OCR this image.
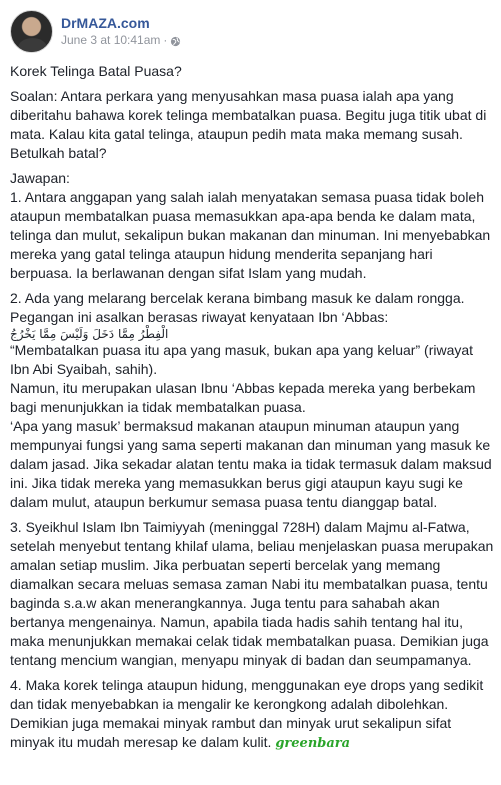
DrMAZA.com
June 3 at 10:41am ·

Korek Telinga Batal Puasa?

Soalan: Antara perkara yang menyusahkan masa puasa ialah apa yang diberitahu bahawa korek telinga membatalkan puasa. Begitu juga titik ubat di mata. Kalau kita gatal telinga, ataupun pedih mata maka memang susah. Betulkah batal?

Jawapan:

1. Antara anggapan yang salah ialah menyatakan semasa puasa tidak boleh ataupun membatalkan puasa memasukkan apa-apa benda ke dalam mata, telinga dan mulut, sekalipun bukan makanan dan minuman. Ini menyebabkan mereka yang gatal telinga ataupun hidung menderita sepanjang hari berpuasa. Ia berlawanan dengan sifat Islam yang mudah.

2. Ada yang melarang bercelak kerana bimbang masuk ke dalam rongga. Pegangan ini asalkan berasas riwayat kenyataan Ibn ‘Abbas:

الْفِطْرُ مِمَّا دَخَلَ وَلَيْسَ مِمَّا يَخْرُجُ

“Membatalkan puasa itu apa yang masuk, bukan apa yang keluar” (riwayat Ibn Abi Syaibah, sahih).

Namun, itu merupakan ulasan Ibnu ‘Abbas kepada mereka yang berbekam bagi menunjukkan ia tidak membatalkan puasa.

‘Apa yang masuk’ bermaksud makanan ataupun minuman ataupun yang mempunyai fungsi yang sama seperti makanan dan minuman yang masuk ke dalam jasad. Jika sekadar alatan tentu maka ia tidak termasuk dalam maksud ini. Jika tidak mereka yang memasukkan berus gigi ataupun kayu sugi ke dalam mulut, ataupun berkumur semasa puasa tentu dianggap batal.

3. Syeikhul Islam Ibn Taimiyyah (meninggal 728H) dalam Majmu al-Fatwa, setelah menyebut tentang khilaf ulama, beliau menjelaskan puasa merupakan amalan setiap muslim. Jika perbuatan seperti bercelak yang memang diamalkan secara meluas semasa zaman Nabi itu membatalkan puasa, tentu baginda s.a.w akan menerangkannya. Juga tentu para sahabah akan bertanya mengenainya. Namun, apabila tiada hadis sahih tentang hal itu, maka menunjukkan memakai celak tidak membatalkan puasa. Demikian juga tentang mencium wangian, menyapu minyak di badan dan seumpamanya.

4. Maka korek telinga ataupun hidung, menggunakan eye drops yang sedikit dan tidak menyebabkan ia mengalir ke kerongkong adalah dibolehkan. Demikian juga memakai minyak rambut dan minyak urut sekalipun sifat minyak itu mudah meresap ke dalam kulit. greenbara
